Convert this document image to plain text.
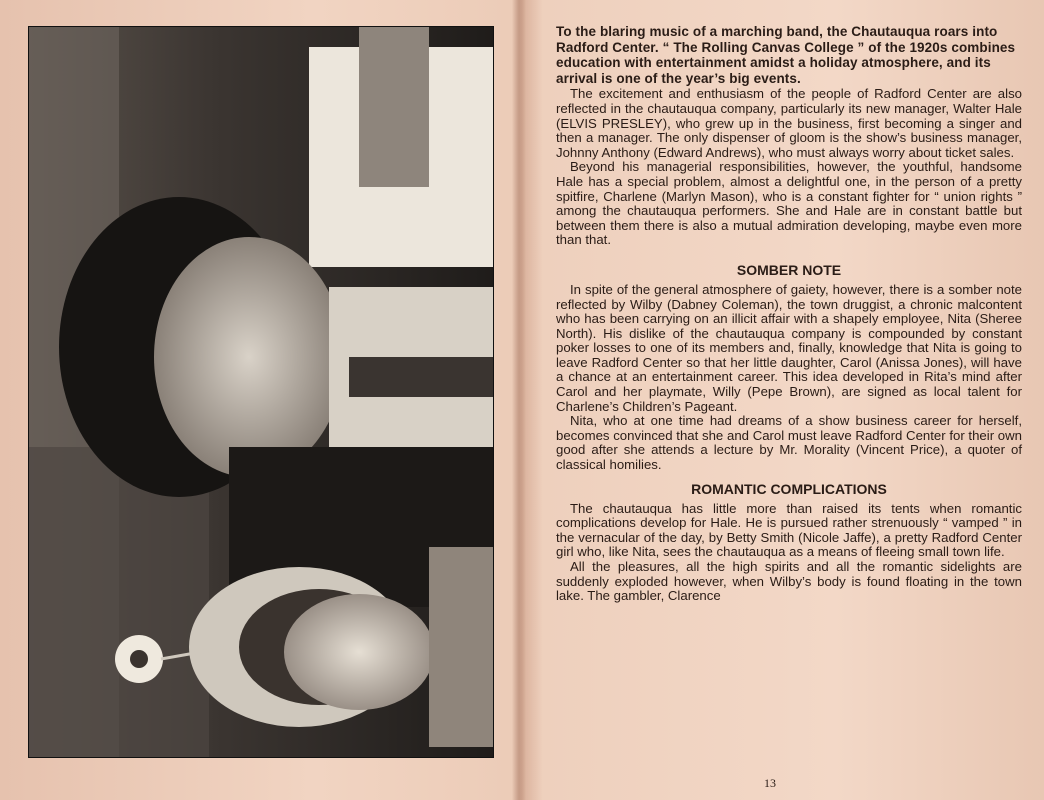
To the blaring music of a marching band, the Chautauqua roars into Radford Center. “ The Rolling Canvas College ” of the 1920s combines education with entertainment amidst a holiday atmosphere, and its arrival is one of the year’s big events.

The excitement and enthusiasm of the people of Radford Center are also reflected in the chautauqua company, particularly its new manager, Walter Hale (ELVIS PRESLEY), who grew up in the business, first becoming a singer and then a manager. The only dispenser of gloom is the show’s business manager, Johnny Anthony (Edward Andrews), who must always worry about ticket sales.

Beyond his managerial responsibilities, however, the youthful, handsome Hale has a special problem, almost a delightful one, in the person of a pretty spitfire, Charlene (Marlyn Mason), who is a constant fighter for “ union rights ” among the chautauqua performers. She and Hale are in constant battle but between them there is also a mutual admiration developing, maybe even more than that.

SOMBER NOTE

In spite of the general atmosphere of gaiety, however, there is a somber note reflected by Wilby (Dabney Coleman), the town druggist, a chronic malcontent who has been carrying on an illicit affair with a shapely employee, Nita (Sheree North). His dislike of the chautauqua company is compounded by constant poker losses to one of its members and, finally, knowledge that Nita is going to leave Radford Center so that her little daughter, Carol (Anissa Jones), will have a chance at an entertainment career. This idea developed in Rita’s mind after Carol and her playmate, Willy (Pepe Brown), are signed as local talent for Charlene’s Children’s Pageant.

Nita, who at one time had dreams of a show business career for herself, becomes convinced that she and Carol must leave Radford Center for their own good after she attends a lecture by Mr. Morality (Vincent Price), a quoter of classical homilies.

ROMANTIC COMPLICATIONS

The chautauqua has little more than raised its tents when romantic complications develop for Hale. He is pursued rather strenuously “ vamped ” in the vernacular of the day, by Betty Smith (Nicole Jaffe), a pretty Radford Center girl who, like Nita, sees the chautauqua as a means of fleeing small town life.

All the pleasures, all the high spirits and all the romantic sidelights are suddenly exploded however, when Wilby’s body is found floating in the town lake. The gambler, Clarence

13
